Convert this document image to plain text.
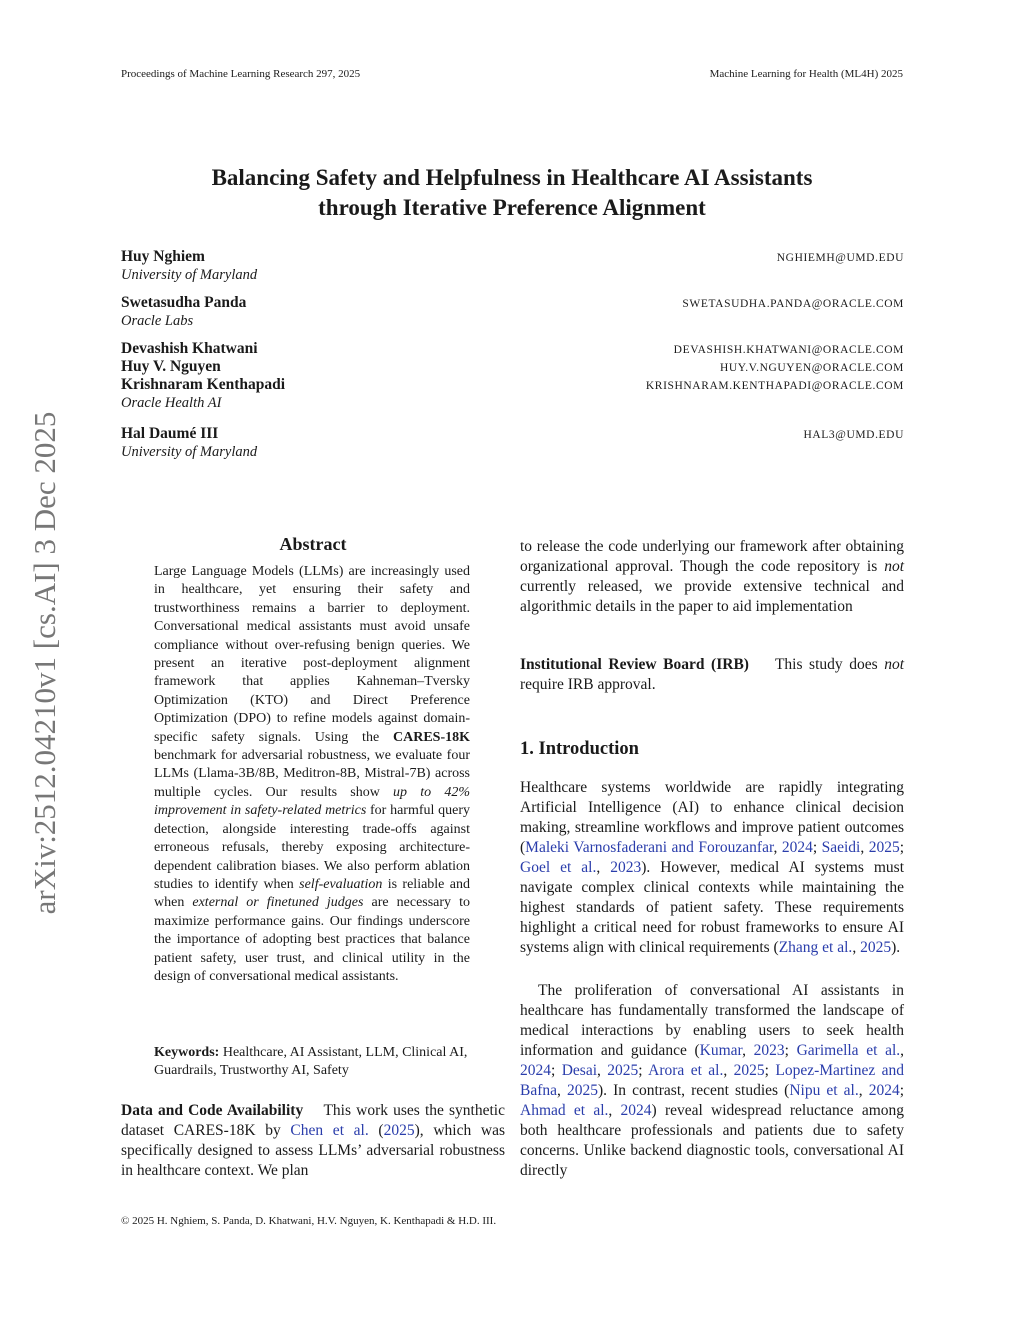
Proceedings of Machine Learning Research 297, 2025	Machine Learning for Health (ML4H) 2025
arXiv:2512.04210v1 [cs.AI] 3 Dec 2025
Balancing Safety and Helpfulness in Healthcare AI Assistants
through Iterative Preference Alignment
Huy Nghiem	NGHIEMH@UMD.EDU
University of Maryland
Swetasudha Panda	SWETASUDHA.PANDA@ORACLE.COM
Oracle Labs
Devashish Khatwani	DEVASHISH.KHATWANI@ORACLE.COM
Huy V. Nguyen	HUY.V.NGUYEN@ORACLE.COM
Krishnaram Kenthapadi	KRISHNARAM.KENTHAPADI@ORACLE.COM
Oracle Health AI
Hal Daumé III	HAL3@UMD.EDU
University of Maryland
Abstract
Large Language Models (LLMs) are increasingly used in healthcare, yet ensuring their safety and trustworthiness remains a barrier to deployment. Conversational medical assistants must avoid unsafe compliance without over-refusing benign queries. We present an iterative post-deployment alignment framework that applies Kahneman–Tversky Optimization (KTO) and Direct Preference Optimization (DPO) to refine models against domain-specific safety signals. Using the CARES-18K benchmark for adversarial robustness, we evaluate four LLMs (Llama-3B/8B, Meditron-8B, Mistral-7B) across multiple cycles. Our results show up to 42% improvement in safety-related metrics for harmful query detection, alongside interesting trade-offs against erroneous refusals, thereby exposing architecture-dependent calibration biases. We also perform ablation studies to identify when self-evaluation is reliable and when external or finetuned judges are necessary to maximize performance gains. Our findings underscore the importance of adopting best practices that balance patient safety, user trust, and clinical utility in the design of conversational medical assistants.
Keywords: Healthcare, AI Assistant, LLM, Clinical AI, Guardrails, Trustworthy AI, Safety
Data and Code Availability This work uses the synthetic dataset CARES-18K by Chen et al. (2025), which was specifically designed to assess LLMs’ adversarial robustness in healthcare context. We plan
to release the code underlying our framework after obtaining organizational approval. Though the code repository is not currently released, we provide extensive technical and algorithmic details in the paper to aid implementation
Institutional Review Board (IRB) This study does not require IRB approval.
1. Introduction
Healthcare systems worldwide are rapidly integrating Artificial Intelligence (AI) to enhance clinical decision making, streamline workflows and improve patient outcomes (Maleki Varnosfaderani and Forouzanfar, 2024; Saeidi, 2025; Goel et al., 2023). However, medical AI systems must navigate complex clinical contexts while maintaining the highest standards of patient safety. These requirements highlight a critical need for robust frameworks to ensure AI systems align with clinical requirements (Zhang et al., 2025).
The proliferation of conversational AI assistants in healthcare has fundamentally transformed the landscape of medical interactions by enabling users to seek health information and guidance (Kumar, 2023; Garimella et al., 2024; Desai, 2025; Arora et al., 2025; Lopez-Martinez and Bafna, 2025). In contrast, recent studies (Nipu et al., 2024; Ahmad et al., 2024) reveal widespread reluctance among both healthcare professionals and patients due to safety concerns. Unlike backend diagnostic tools, conversational AI directly
© 2025 H. Nghiem, S. Panda, D. Khatwani, H.V. Nguyen, K. Kenthapadi & H.D. III.
